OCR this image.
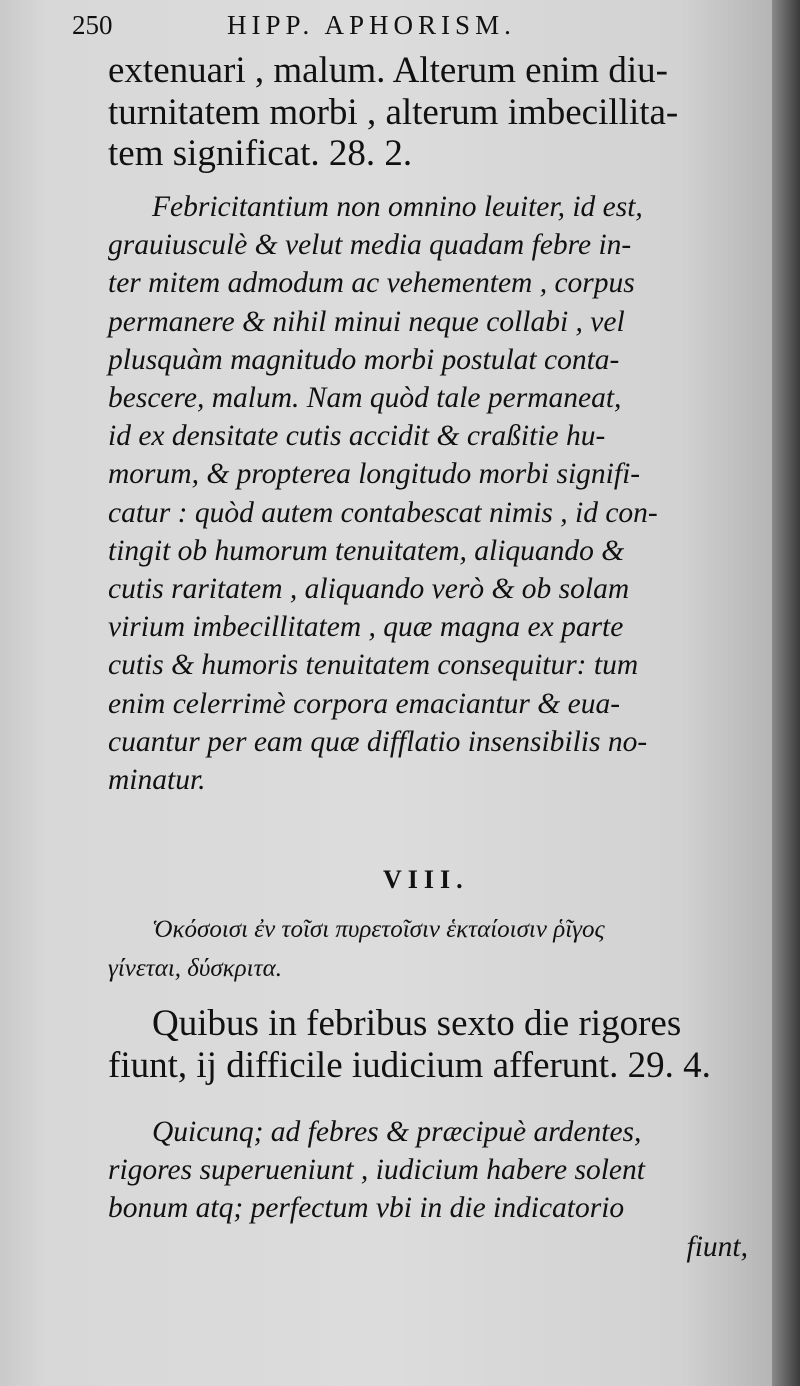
250	HIPP. APHORISM.
extenuari , malum. Alterum enim diu-
turnitatem morbi , alterum imbecillita-
tem significat. 28. 2.
Febricitantium non omnino leuiter, id est,
grauiusculè & velut media quadam febre in-
ter mitem admodum ac vehementem , corpus
permanere & nihil minui neque collabi , vel
plusquàm magnitudo morbi postulat conta-
bescere, malum. Nam quòd tale permaneat,
id ex densitate cutis accidit & craßitie hu-
morum, & propterea longitudo morbi signifi-
catur : quòd autem contabescat nimis , id con-
tingit ob humorum tenuitatem, aliquando &
cutis raritatem , aliquando verò & ob solam
virium imbecillitatem , quæ magna ex parte
cutis & humoris tenuitatem consequitur: tum
enim celerrimè corpora emaciantur & eua-
cuantur per eam quæ difflatio insensibilis no-
minatur.
VIII.
Ὁκόσοισι ἐν τοῖσι πυρετοῖσιν ἑκταίοισιν ῥῖγος
γίνεται, δύσκριτα.
Quibus in febribus sexto die rigores
fiunt, ij difficile iudicium afferunt. 29. 4.
Quicunq; ad febres & præcipuè ardentes,
rigores superueniunt , iudicium habere solent
bonum atq; perfectum vbi in die indicatorio
fiunt,
